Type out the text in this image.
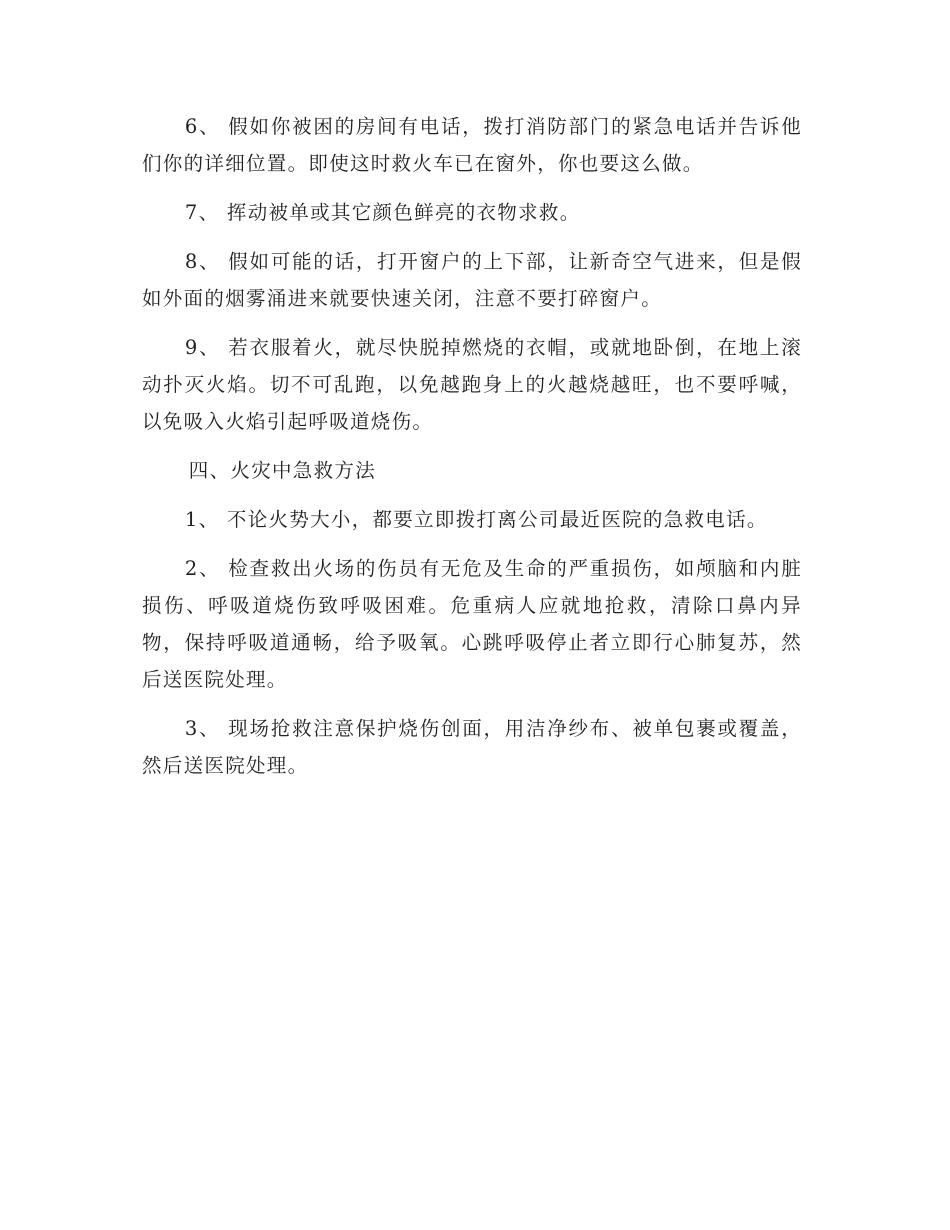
6、 假如你被困的房间有电话，拨打消防部门的紧急电话并告诉他们你的详细位置。即使这时救火车已在窗外，你也要这么做。

7、 挥动被单或其它颜色鲜亮的衣物求救。

8、 假如可能的话，打开窗户的上下部，让新奇空气进来，但是假如外面的烟雾涌进来就要快速关闭，注意不要打碎窗户。

9、 若衣服着火，就尽快脱掉燃烧的衣帽，或就地卧倒，在地上滚动扑灭火焰。切不可乱跑，以免越跑身上的火越烧越旺，也不要呼喊，以免吸入火焰引起呼吸道烧伤。

四、火灾中急救方法

1、 不论火势大小，都要立即拨打离公司最近医院的急救电话。

2、 检查救出火场的伤员有无危及生命的严重损伤，如颅脑和内脏损伤、呼吸道烧伤致呼吸困难。危重病人应就地抢救，清除口鼻内异物，保持呼吸道通畅，给予吸氧。心跳呼吸停止者立即行心肺复苏，然后送医院处理。

3、 现场抢救注意保护烧伤创面，用洁净纱布、被单包裹或覆盖，然后送医院处理。
